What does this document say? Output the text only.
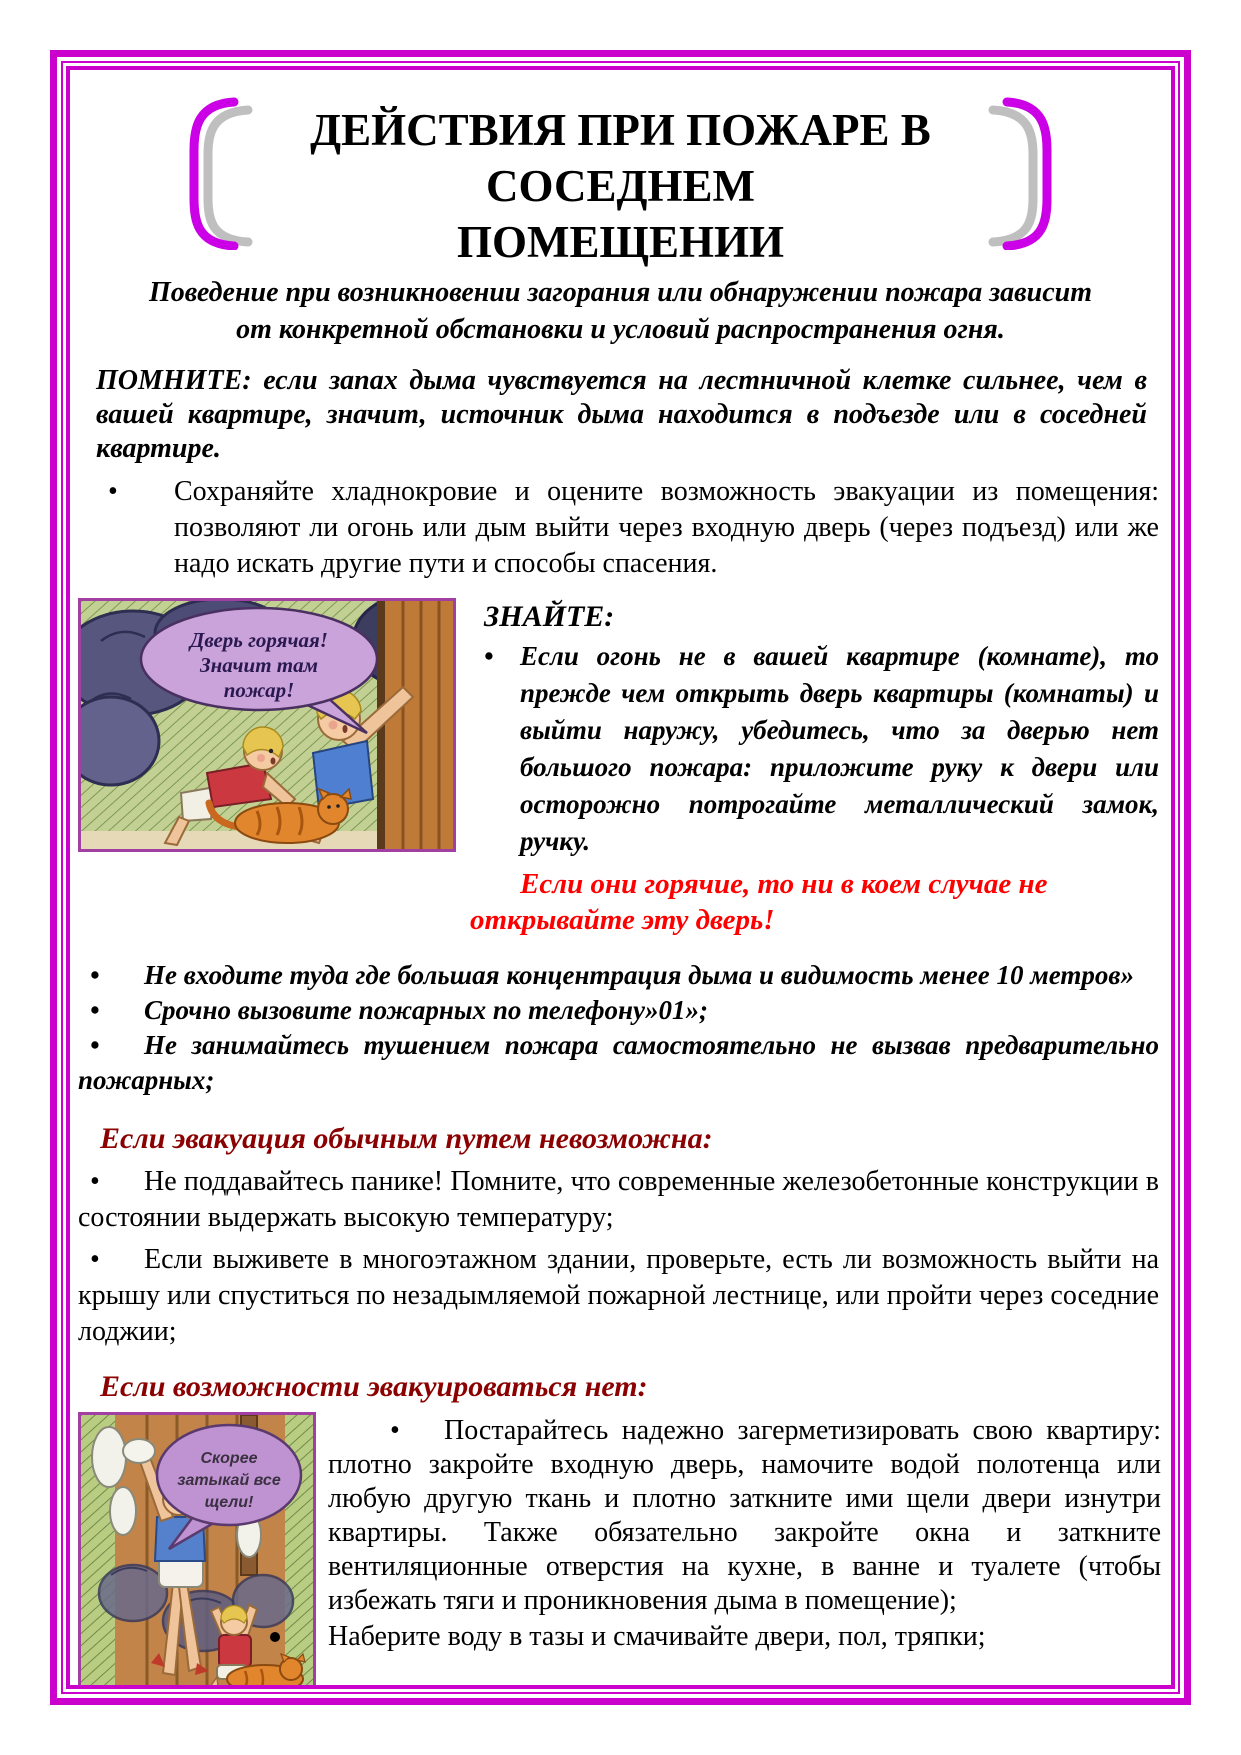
ДЕЙСТВИЯ ПРИ ПОЖАРЕ В СОСЕДНЕМ
ПОМЕЩЕНИИ

Поведение при возникновении загорания или обнаружении пожара зависит от конкретной обстановки и условий распространения огня.

ПОМНИТЕ: если запах дыма чувствуется на лестничной клетке сильнее, чем в вашей квартире, значит, источник дыма находится в подъезде или в соседней квартире.

• Сохраняйте хладнокровие и оцените возможность эвакуации из помещения: позволяют ли огонь или дым выйти через входную дверь (через подъезд) или же надо искать другие пути и способы спасения.
Дверь горячая!
Значит там
пожар!
ЗНАЙТЕ:
• Если огонь не в вашей квартире (комнате), то прежде чем открыть дверь квартиры (комнаты) и выйти наружу, убедитесь, что за дверью нет большого пожара: приложите руку к двери или осторожно потрогайте металлический замок, ручку.

Если они горячие, то ни в коем случае не открывайте эту дверь!

•Не входите туда где большая концентрация дыма и видимость менее 10 метров»

•Срочно вызовите пожарных по телефону»01»;

•Не занимайтесь тушением пожара самостоятельно не вызвав предварительно пожарных;

Если эвакуация обычным путем невозможна:

•Не поддавайтесь панике! Помните, что современные железобетонные конструкции в состоянии выдержать высокую температуру;

•Если выживете в многоэтажном здании, проверьте, есть ли возможность выйти на крышу или спуститься по незадымляемой пожарной лестнице, или пройти через соседние лоджии;

Если возможности эвакуироваться нет:
Скорее
затыкай все
щели!

•Постарайтесь надежно загерметизировать свою квартиру: плотно закройте входную дверь, намочите водой полотенца или любую другую ткань и плотно заткните ими щели двери изнутри квартиры. Также обязательно закройте окна и заткните вентиляционные отверстия на кухне, в ванне и туалете (чтобы избежать тяги и проникновения дыма в помещение);

Наберите воду в тазы и смачивайте двери, пол, тряпки;
